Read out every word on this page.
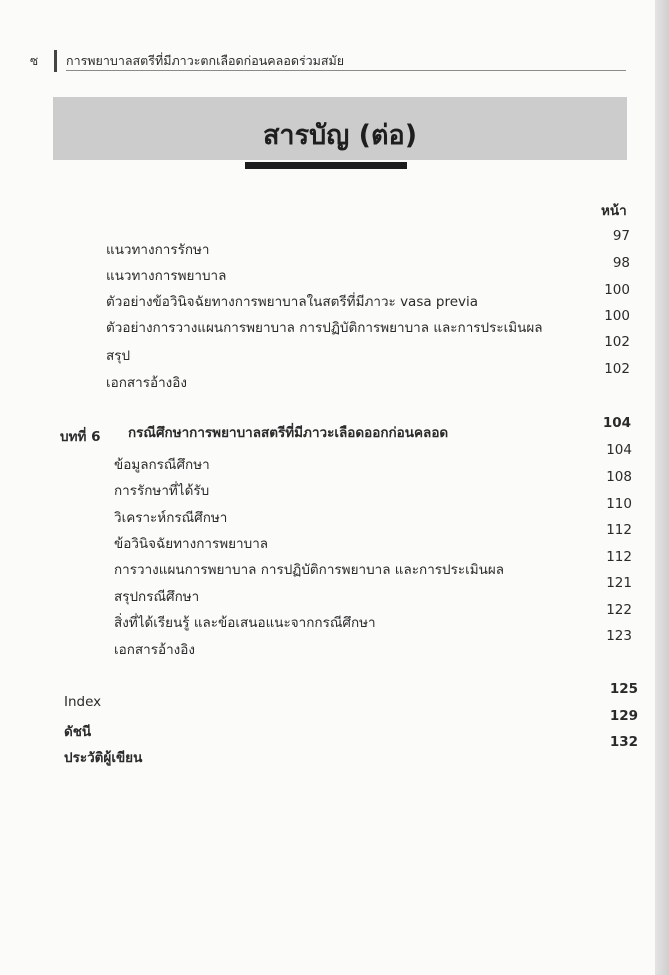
ซ การพยาบาลสตรีที่มีภาวะตกเลือดก่อนคลอดร่วมสมัย
สารบัญ (ต่อ)
หน้า
แนวทางการรักษา
97
แนวทางการพยาบาล
98
ตัวอย่างข้อวินิจฉัยทางการพยาบาลในสตรีที่มีภาวะ vasa previa
100
ตัวอย่างการวางแผนการพยาบาล การปฏิบัติการพยาบาล และการประเมินผล
100
สรุป
102
เอกสารอ้างอิง
102
บทที่ 6 กรณีศึกษาการพยาบาลสตรีที่มีภาวะเลือดออกก่อนคลอด
104
ข้อมูลกรณีศึกษา
104
การรักษาที่ได้รับ
108
วิเคราะห์กรณีศึกษา
110
ข้อวินิจฉัยทางการพยาบาล
112
การวางแผนการพยาบาล การปฏิบัติการพยาบาล และการประเมินผล
112
สรุปกรณีศึกษา
121
สิ่งที่ได้เรียนรู้ และข้อเสนอแนะจากกรณีศึกษา
122
เอกสารอ้างอิง
123
Index
125
ดัชนี
129
ประวัติผู้เขียน
132
